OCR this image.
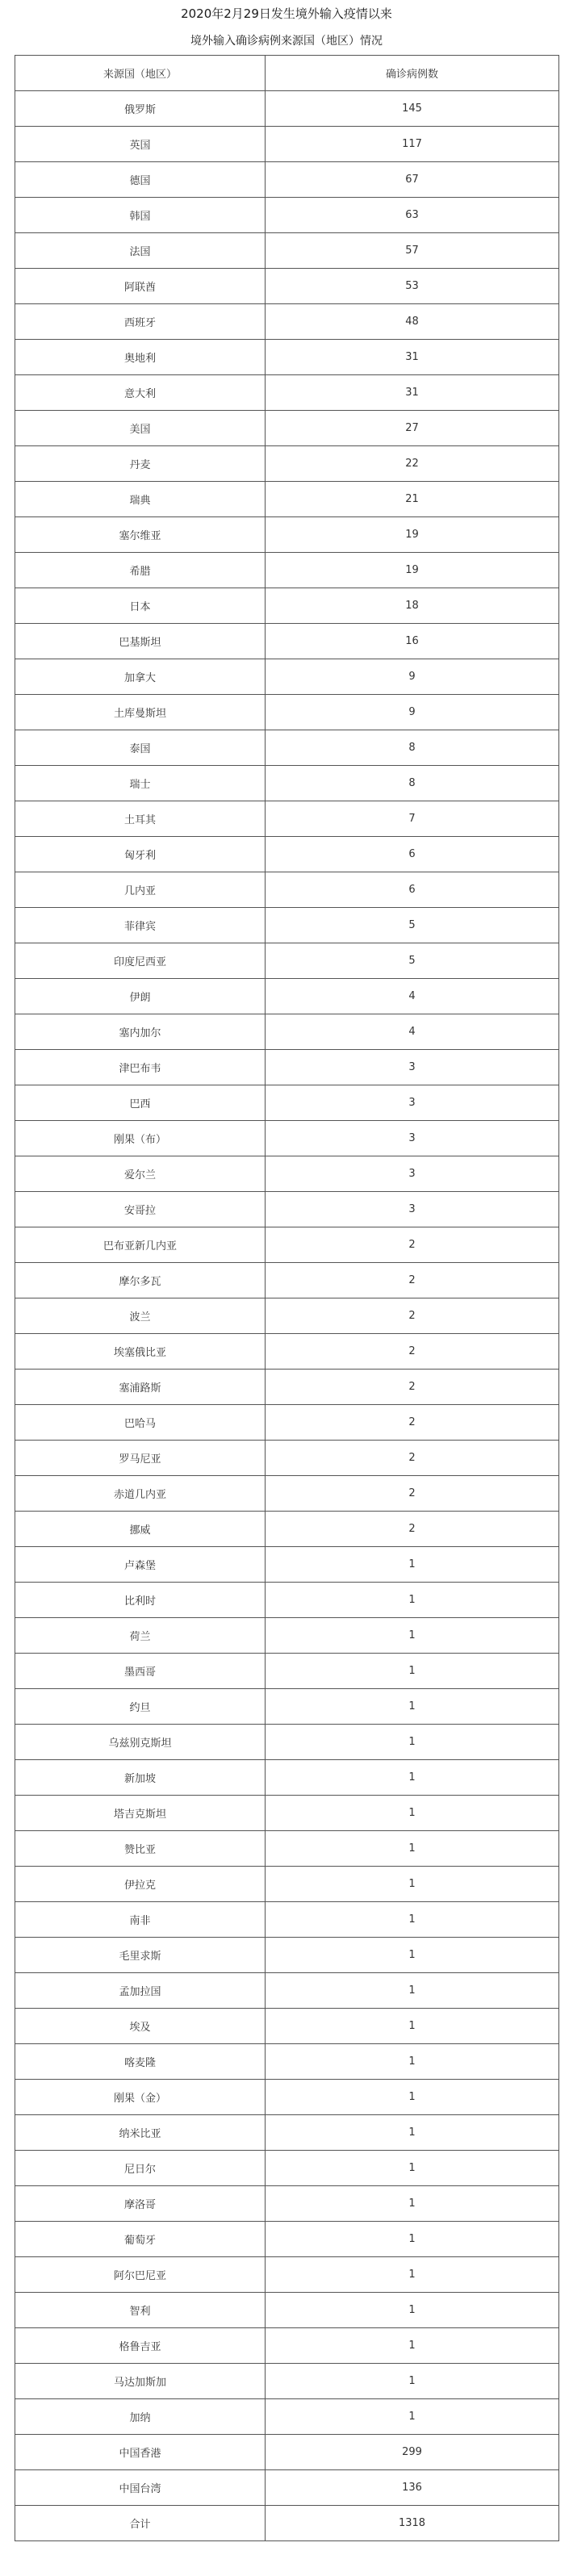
2020年2月29日发生境外输入疫情以来
境外输入确诊病例来源国（地区）情况
来源国（地区）	确诊病例数
俄罗斯	145
英国	117
德国	67
韩国	63
法国	57
阿联酋	53
西班牙	48
奥地利	31
意大利	31
美国	27
丹麦	22
瑞典	21
塞尔维亚	19
希腊	19
日本	18
巴基斯坦	16
加拿大	9
土库曼斯坦	9
泰国	8
瑞士	8
土耳其	7
匈牙利	6
几内亚	6
菲律宾	5
印度尼西亚	5
伊朗	4
塞内加尔	4
津巴布韦	3
巴西	3
刚果（布）	3
爱尔兰	3
安哥拉	3
巴布亚新几内亚	2
摩尔多瓦	2
波兰	2
埃塞俄比亚	2
塞浦路斯	2
巴哈马	2
罗马尼亚	2
赤道几内亚	2
挪威	2
卢森堡	1
比利时	1
荷兰	1
墨西哥	1
约旦	1
乌兹别克斯坦	1
新加坡	1
塔吉克斯坦	1
赞比亚	1
伊拉克	1
南非	1
毛里求斯	1
孟加拉国	1
埃及	1
喀麦隆	1
刚果（金）	1
纳米比亚	1
尼日尔	1
摩洛哥	1
葡萄牙	1
阿尔巴尼亚	1
智利	1
格鲁吉亚	1
马达加斯加	1
加纳	1
中国香港	299
中国台湾	136
合计	1318
